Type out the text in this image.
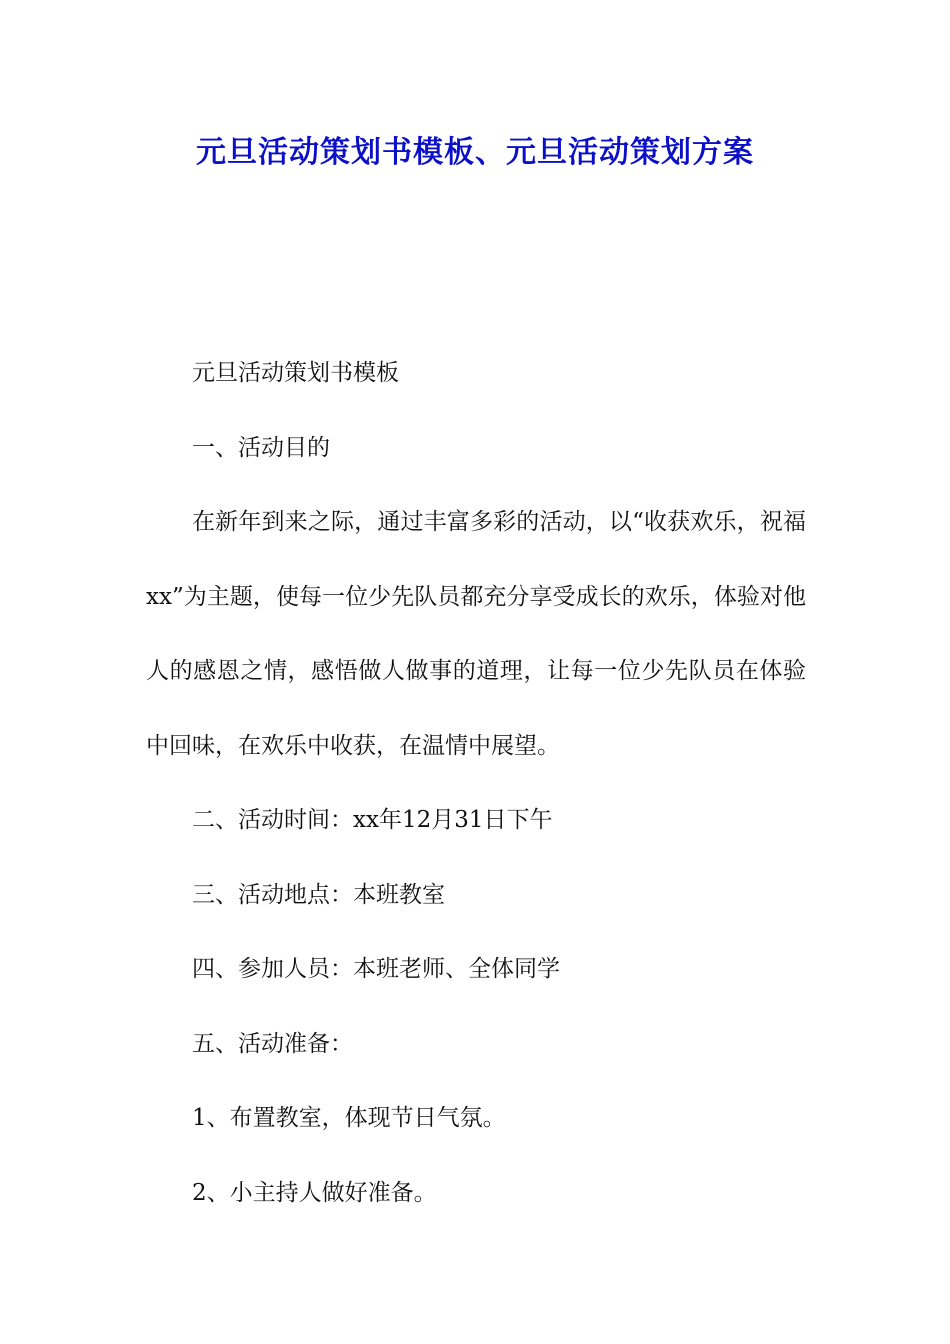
元旦活动策划书模板、元旦活动策划方案

元旦活动策划书模板

一、活动目的

在新年到来之际，通过丰富多彩的活动，以“收获欢乐，祝福xx”为主题，使每一位少先队员都充分享受成长的欢乐，体验对他人的感恩之情，感悟做人做事的道理，让每一位少先队员在体验中回味，在欢乐中收获，在温情中展望。

二、活动时间：xx年12月31日下午

三、活动地点：本班教室

四、参加人员：本班老师、全体同学

五、活动准备：

1、布置教室，体现节日气氛。

2、小主持人做好准备。
